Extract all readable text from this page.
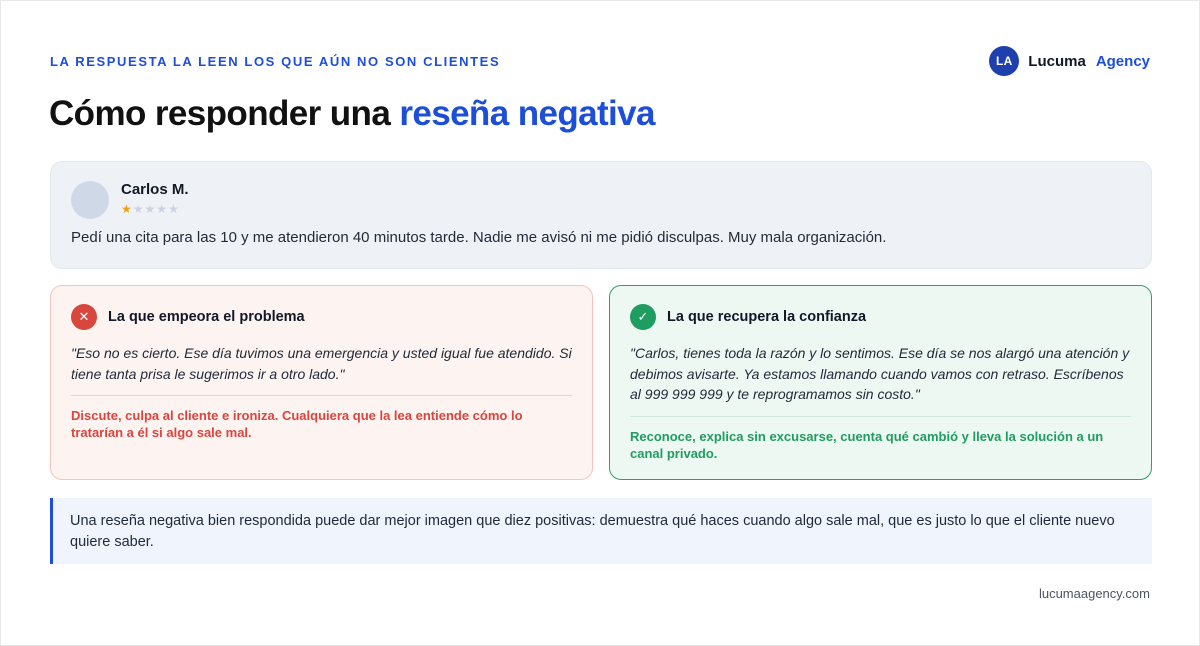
LA RESPUESTA LA LEEN LOS QUE AÚN NO SON CLIENTES	LA	Lucuma Agency
Cómo responder una reseña negativa
Carlos M.
★ ★ ★ ★ ★
Pedí una cita para las 10 y me atendieron 40 minutos tarde. Nadie me avisó ni me pidió disculpas. Muy mala organización.
✕	La que empeora el problema

"Eso no es cierto. Ese día tuvimos una emergencia y usted igual fue atendido. Si tiene tanta prisa le sugerimos ir a otro lado."

Discute, culpa al cliente e ironiza. Cualquiera que la lea entiende cómo lo tratarían a él si algo sale mal.

✓	La que recupera la confianza

"Carlos, tienes toda la razón y lo sentimos. Ese día se nos alargó una atención y debimos avisarte. Ya estamos llamando cuando vamos con retraso. Escríbenos al 999 999 999 y te reprogramamos sin costo."

Reconoce, explica sin excusarse, cuenta qué cambió y lleva la solución a un canal privado.

Una reseña negativa bien respondida puede dar mejor imagen que diez positivas: demuestra qué haces cuando algo sale mal, que es justo lo que el cliente nuevo quiere saber.
lucumaagency.com
